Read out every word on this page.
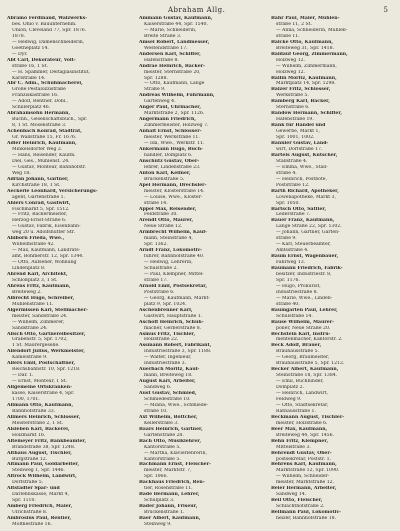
Abraham Allg.	5
Abramo Ferdinand, Walzwerks-
bes. Ohio v. Bauunternehm.
Union, Cleveland 77, Spr. 1876.
1878.
— Hedwig, Damenschneiderin,
Goetheplatz 14.
— Dyr.
Abt Carl, Dekorateur, Volt-
straße 16, 1 St.
— H. Spammer, Deltaglasinstitut,
Karlstraße 14.
Abr C. Adm., Schuhmacherei,
Große Pestalozzistraße
Franziskastraße 16.
— Adolf, Rentner, Dobl.,
Schillerplatz 46.
Abrahamsohn Hermann,
Buchh., Gesellschaftsbuch., Spr.
8, 1 St. Mosenstraße 3.
Achenbach Konrad, Stadtrat,
Gr. Wallstraße 15, Fr. 1676.
Adler Heinrich, Kaufmann,
Minkelsdorfer Weg 2.
— Hans, Reisender, Kaufm.
Diel, Ges., Mühlenst. 24.
— Gustav, Monteur, Bahnhofstr.
Weg 18.
Adrian Johann, Gärtner,
Kirchstraße 18, 1 St.
Aeckerle Leonhard, Versicherungs-
agent, Gartenstraße 1.
Ahlers Conrad, Gastwirt,
Fischmarkt 5, Spr. 1512.
— Fritz, Bäckermeister,
Herzog-Ernst-Straße 6.
— Gustav, Fabrik, Eisenbahn-
weg 20 u. Adolfshütter Str.
Ahlborn Frieda, Wwe.,
Wilhelmstraße 42.
— Max, Kaufmann, Landrats-
amt, Böhmerstr. 12, Spr. 1344.
— Otto, Aufseher, Wohnung
Lindenplatz 8.
Ahrend Karl, Architekt,
Schloßplatz 3, 1 St.
Ahrens Fritz, Kaufmann,
Breiteweg 2.
Albrecht Hugo, Schreiber,
Mühlenstraße 11.
Algermissen Karl, Stellmacher-
meister, Sandstraße 24.
— Wilhelm, Zimmerer,
Sandstraße 24.
Alisch Otto, Gärtnereibesitzer,
Grabenstr. 5, Spr. 1702,
1 St. Maurergeselle.
Allendorf Julius, Werkmeister,
Kamelstraße 9.
Allers Emil, Postschaffner,
Reichsbahnstr. 10, Spr. 1218.
— Dar. 1.
— Ernst, Monteur, 1 St.
Allgemeine Ortskranken-
kasse, Kaiserstraße 4, Spr.
1700, 1701.
Allmann Otto, Kaufmann,
Bahnhofstraße 33.
Allmers Heinrich, Schlosser,
Meisterstraße 2, 1 St.
Alsleben Karl, Bäckerei,
Holzmarkt 16.
Altemeyer Fritz, Bankbeamter,
Brandstraße 38, Spr. 1248.
Althaus August, Tischler,
Burgstraße 12.
Altmann Paul, Goldarbeiter,
Steinweg 1, Spr. 1446.
Altrock Wilhelm, Landwirt,
Dorfstraße 5.
Altstädter Spar- und
Darlehnskasse, Markt 4,
Spr. 1110.
Amberg Friedrich, Maler,
Ulrichstraße 8.
Ambrosius Paul, Rentier,
Moltkestraße 16.
Ammann Gustav, Kaufmann,
Kaiserstraße 44, Spr. 1540.
— Marie, Schneiderin,
Breite Straße 3.
Amsel Robert, Landmesser,
Westendstraße 17.
Andersen Karl, Schiffer,
Hafenstraße 8.
Andrae Heinrich, Bäcker-
meister, Sternstraße 20,
Spr. 1288.
— Otto, Kaufmann, Lange
Straße 9.
Andreas Wilhelm, Fuhrmann,
Gartenweg 4.
Anger Paul, Uhrmacher,
Marktstraße 2, Spr. 1126.
Angermann Friedrich,
Zimmermeister, Holzweg 7.
Anhalt Ernst, Schlosser-
meister, Werkstraße 11.
— Ida, Wwe., Werkstr. 11.
Ankermann Hugo, Buch-
händler, Domplatz 6.
Anschütz Gustav, Ober-
lehrer, Lindenstraße 23.
Anton Karl, Kellner,
Brückenstraße 5.
Apel Hermann, Drechsler-
meister, Klosterstraße 14.
— Louise, Wwe., Kloster-
straße 14.
Appel Max, Reisender,
Feldstraße 30.
Arendt Otto, Maurer,
Neue Straße 12.
Armbrecht Wilhelm, Kauf-
mann, Steinstraße 4,
Spr. 1362.
Arndt Franz, Lokomotiv-
führer, Bahnhofstraße 40.
— Hedwig, Lehrerin,
Schulstraße 2.
— Paul, Klempner, Mittel-
straße 17.
Arnold Emil, Postsekretär,
Poststraße 6.
— Georg, Kaufmann, Markt-
platz 9, Spr. 1024.
Aschenbrenner Karl,
Gastwirt, Hauptstraße 1.
Aschoff Heinrich, Schuh-
macher, Gerberstraße 8.
Asmus Fritz, Tischler,
Holzstraße 22.
Assmann Robert, Fabrikant,
Industriestraße 3, Spr. 1188.
— Walter, Ingenieur,
Industriestraße 3.
Auerbach Moritz, Kauf-
mann, Breiteweg 18.
August Karl, Arbeiter,
Sandweg 6.
Aust Gustav, Schmied,
Schmiedestraße 10.
— Minna, Wwe., Schmiede-
straße 10.
Axt Wilhelm, Böttcher,
Kellerstraße 3.
Baars Heinrich, Gärtner,
Gartenstraße 28.
Bach Otto, Musiklehrer,
Kantorstraße 5.
— Martha, Klavierlehrerin,
Kantorstraße 5.
Bachmann Ernst, Fleischer-
meister, Marktstr. 7,
Spr. 1066.
Backhaus Friedrich, Ren-
tier, Rosenstraße 11.
Bade Hermann, Lehrer,
Schulplatz 3.
Bader Johann, Friseur,
Brückenstraße 1.
Baer Albert, Kaufmann,
Steinweg 9.
Bähr Paul, Maler, Mühlen-
straße 11, 2 St.
— Anna, Schneiderin, Mühlen-
straße 11.
Balcke Otto, Kaufmann,
Breiteweg 31, Spr. 1418.
Baldauf Georg, Zimmermann,
Holzweg 12.
— Wilhelm, Zimmermann,
Holzweg 12.
Ballin Moritz, Kaufmann,
Marktplatz 14, Spr. 1298.
Balzer Fritz, Schlosser,
Werkstraße 5.
Bamberg Karl, Bäcker,
Sternstraße 6.
Bandow Hermann, Schiffer,
Hafenstraße 19.
Bank für Handel und
Gewerbe, Markt 1,
Spr. 1001, 1002.
Bannier Gustav, Land-
wirt, Dorfstraße 17.
Bartels August, Kutscher,
Stallstraße 4.
— Emma, Wwe., Stall-
straße 4.
— Heinrich, Postbote,
Poststraße 12.
Barth Richard, Apotheker,
Löwenapotheke, Markt 3,
Spr. 1050.
Bartsch Otto, Sattler,
Lederstraße 7.
Bauer Franz, Kaufmann,
Lange Straße 22, Spr. 1302.
— Johann, Gärtner, Garten-
straße 9.
— Karl, Steuerbeamter,
Amtsstraße 4.
Baum Ernst, Wagenbauer,
Fahrweg 13.
Baumann Friedrich, Fabrik-
besitzer, Industriestr. 8,
Spr. 1176.
— Hugo, Prokurist,
Industriestraße 8.
— Marie, Wwe., Linden-
straße 40.
Baumgarten Paul, Lehrer,
Schulstraße 14.
Bause Wilhelm, Maurer-
polier, Neue Straße 20.
Bechstein Karl, Instru-
mentenmacher, Kantorstr. 2.
Beck Adolf, Brauer,
Brauhausstraße 5.
— Georg, Braumeister,
Brauhausstraße 5, Spr. 1212.
Becker Albert, Kaufmann,
Steinstraße 18, Spr. 1384.
— Emil, Buchbinder,
Domplatz 2.
— Heinrich, Landwirt,
Feldweg 9.
— Otto, Stadtsekretär,
Rathausstraße 1.
Beckmann August, Tischler-
meister, Holzstraße 6.
Beer Max, Kaufmann,
Breiteweg 44, Spr. 1456.
Behn Fritz, Klempner,
Mittelstraße 3.
Behrendt Gustav, Ober-
postsekretär, Poststr. 1.
Behrens Karl, Kaufmann,
Marktstraße 12, Spr. 1090.
— Wilhelm, Schneider-
meister, Marktstraße 12.
Beier Hermann, Arbeiter,
Sandweg 14.
Beil Otto, Fleischer,
Schlachthofstraße 2.
Bellmann Paul, Lokomotiv-
heizer, Bahnhofstraße 18.
